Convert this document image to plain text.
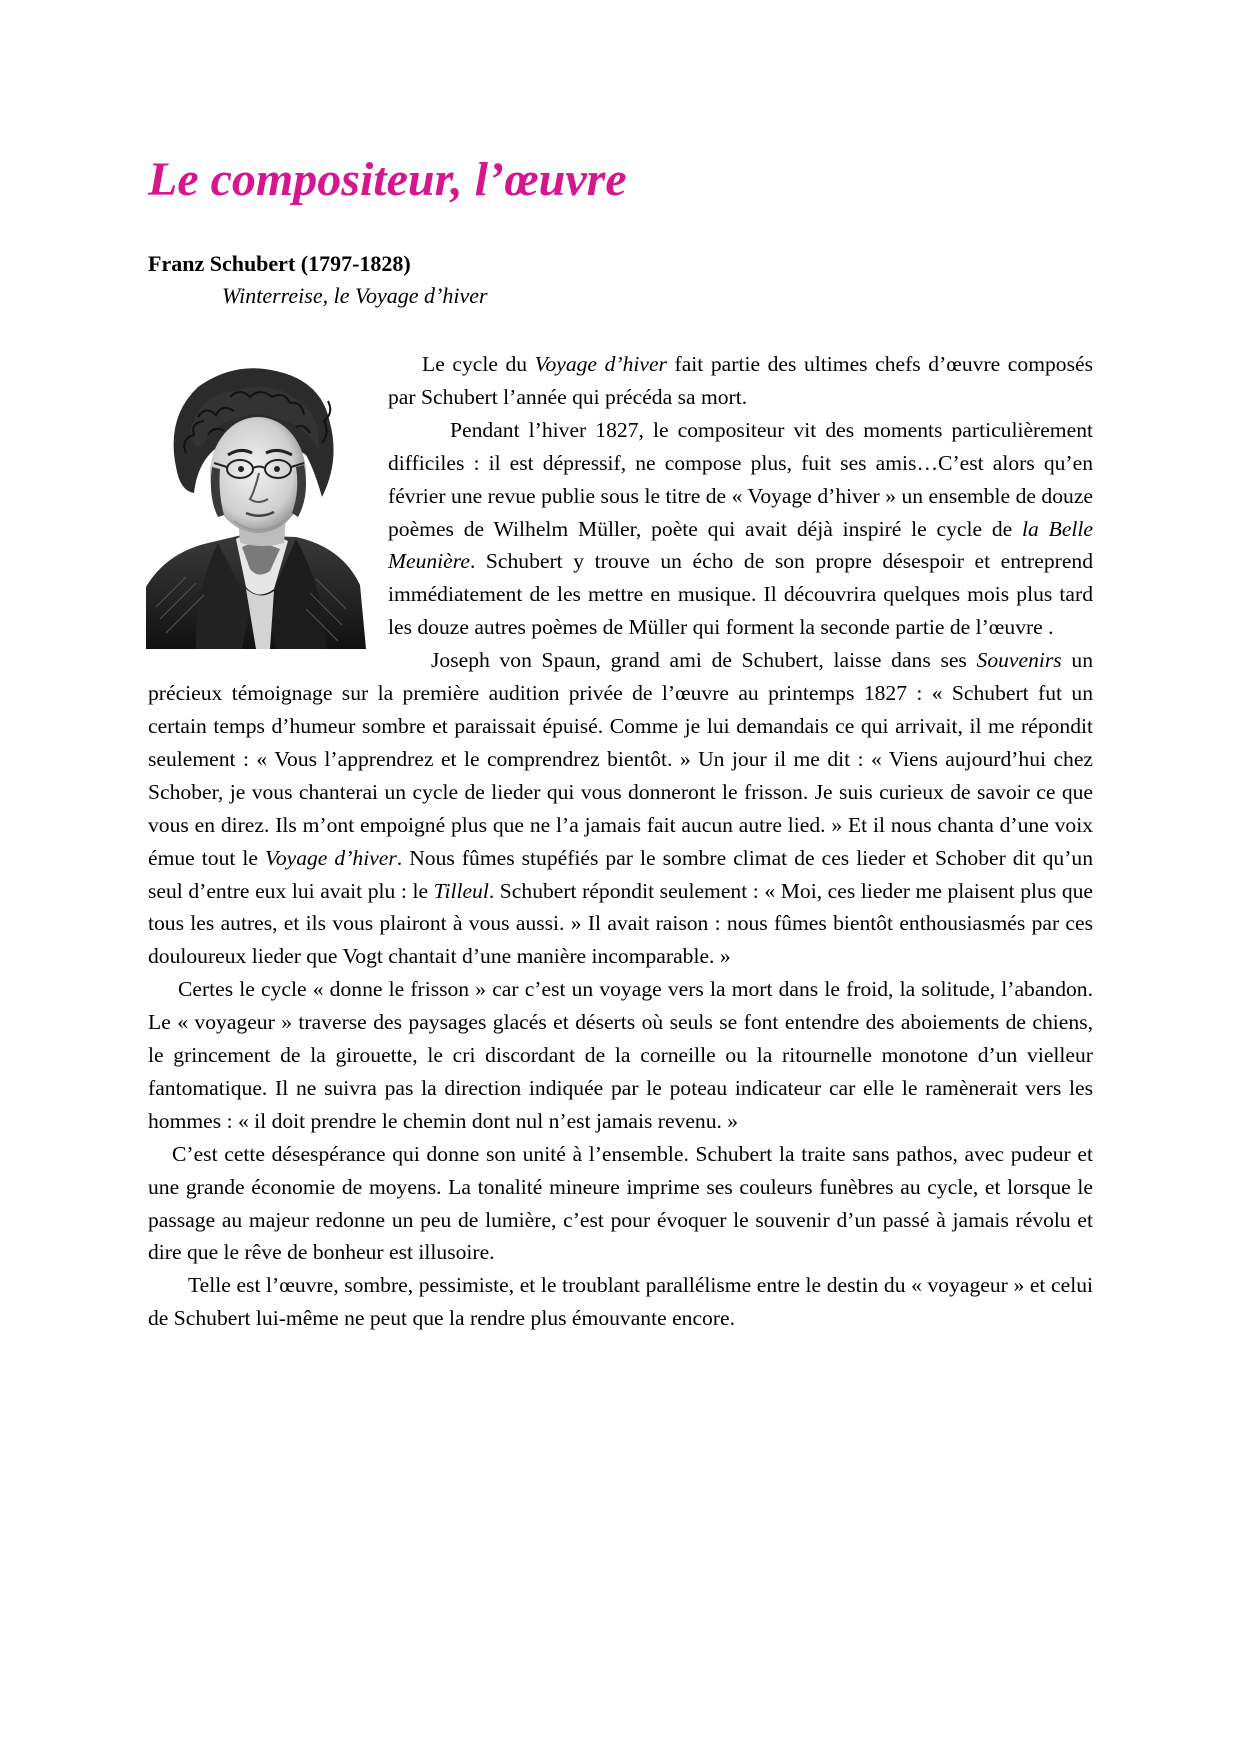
Le compositeur, l’œuvre
Franz Schubert (1797-1828)
Winterreise, le Voyage d’hiver

Le cycle du Voyage d’hiver fait partie des ultimes chefs d’œuvre composés par Schubert l’année qui précéda sa mort.

Pendant l’hiver 1827, le compositeur vit des moments particulièrement difficiles : il est dépressif, ne compose plus, fuit ses amis…C’est alors qu’en février une revue publie sous le titre de « Voyage d’hiver » un ensemble de douze poèmes de Wilhelm Müller, poète qui avait déjà inspiré le cycle de la Belle Meunière. Schubert y trouve un écho de son propre désespoir et entreprend immédiatement de les mettre en musique. Il découvrira quelques mois plus tard les douze autres poèmes de Müller qui forment la seconde partie de l’œuvre .

Joseph von Spaun, grand ami de Schubert, laisse dans ses Souvenirs un précieux témoignage sur la première audition privée de l’œuvre au printemps 1827 : « Schubert fut un certain temps d’humeur sombre et paraissait épuisé. Comme je lui demandais ce qui arrivait, il me répondit seulement : « Vous l’apprendrez et le comprendrez bientôt. » Un jour il me dit : « Viens aujourd’hui chez Schober, je vous chanterai un cycle de lieder qui vous donneront le frisson. Je suis curieux de savoir ce que vous en direz. Ils m’ont empoigné plus que ne l’a jamais fait aucun autre lied. » Et il nous chanta d’une voix émue tout le Voyage d’hiver. Nous fûmes stupéfiés par le sombre climat de ces lieder et Schober dit qu’un seul d’entre eux lui avait plu : le Tilleul. Schubert répondit seulement : « Moi, ces lieder me plaisent plus que tous les autres, et ils vous plairont à vous aussi. » Il avait raison : nous fûmes bientôt enthousiasmés par ces douloureux lieder que Vogt chantait d’une manière incomparable. »

Certes le cycle « donne le frisson » car c’est un voyage vers la mort dans le froid, la solitude, l’abandon. Le « voyageur » traverse des paysages glacés et déserts où seuls se font entendre des aboiements de chiens, le grincement de la girouette, le cri discordant de la corneille ou la ritournelle monotone d’un vielleur fantomatique. Il ne suivra pas la direction indiquée par le poteau indicateur car elle le ramènerait vers les hommes : « il doit prendre le chemin dont nul n’est jamais revenu. »

C’est cette désespérance qui donne son unité à l’ensemble. Schubert la traite sans pathos, avec pudeur et une grande économie de moyens. La tonalité mineure imprime ses couleurs funèbres au cycle, et lorsque le passage au majeur redonne un peu de lumière, c’est pour évoquer le souvenir d’un passé à jamais révolu et dire que le rêve de bonheur est illusoire.

Telle est l’œuvre, sombre, pessimiste, et le troublant parallélisme entre le destin du « voyageur » et celui de Schubert lui-même ne peut que la rendre plus émouvante encore.
